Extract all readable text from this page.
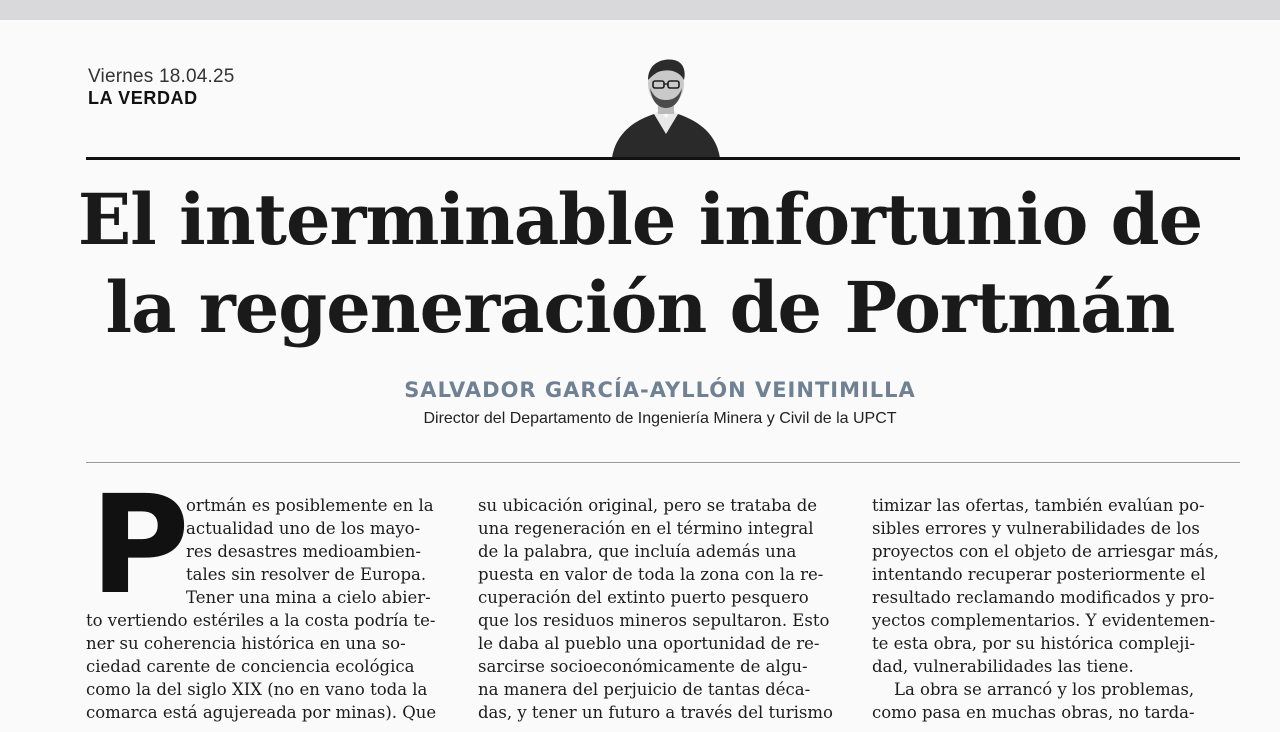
Viernes 18.04.25
LA VERDAD
El interminable infortunio de
la regeneración de Portmán
SALVADOR GARCÍA-AYLLÓN VEINTIMILLA
Director del Departamento de Ingeniería Minera y Civil de la UPCT
P
ortmán es posiblemente en la
actualidad uno de los mayo-
res desastres medioambien-
tales sin resolver de Europa.
Tener una mina a cielo abier-
to vertiendo estériles a la costa podría te-
ner su coherencia histórica en una so-
ciedad carente de conciencia ecológica
como la del siglo XIX (no en vano toda la
comarca está agujereada por minas). Que
su ubicación original, pero se trataba de
una regeneración en el término integral
de la palabra, que incluía además una
puesta en valor de toda la zona con la re-
cuperación del extinto puerto pesquero
que los residuos mineros sepultaron. Esto
le daba al pueblo una oportunidad de re-
sarcirse socioeconómicamente de algu-
na manera del perjuicio de tantas déca-
das, y tener un futuro a través del turismo
timizar las ofertas, también evalúan po-
sibles errores y vulnerabilidades de los
proyectos con el objeto de arriesgar más,
intentando recuperar posteriormente el
resultado reclamando modificados y pro-
yectos complementarios. Y evidentemen-
te esta obra, por su histórica compleji-
dad, vulnerabilidades las tiene.
La obra se arrancó y los problemas,
como pasa en muchas obras, no tarda-
